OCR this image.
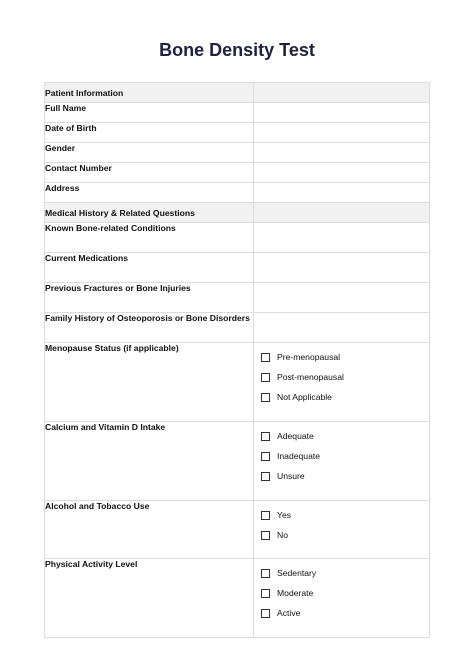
Bone Density Test
Patient Information	
Full Name	
Date of Birth	
Gender	
Contact Number	
Address	
Medical History & Related Questions	
Known Bone-related Conditions	
Current Medications	
Previous Fractures or Bone Injuries	
Family History of Osteoporosis or Bone Disorders	
Menopause Status (if applicable)	Pre-menopausal
Post-menopausal
Not Applicable

Calcium and Vitamin D Intake	Adequate
Inadequate
Unsure

Alcohol and Tobacco Use	Yes
No

Physical Activity Level	Sedentary
Moderate
Active
